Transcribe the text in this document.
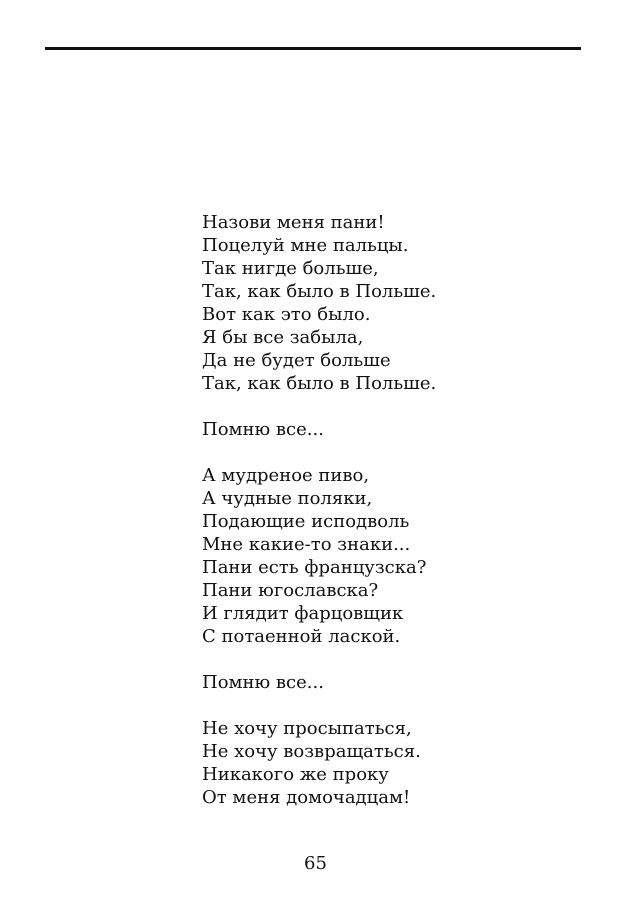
Назови меня пани!
Поцелуй мне пальцы.
Так нигде больше,
Так, как было в Польше.
Вот как это было.
Я бы все забыла,
Да не будет больше
Так, как было в Польше.
Помню все...
А мудреное пиво,
А чудные поляки,
Подающие исподволь
Мне какие-то знаки...
Пани есть французска?
Пани югославска?
И глядит фарцовщик
С потаенной лаской.
Помню все...
Не хочу просыпаться,
Не хочу возвращаться.
Никакого же проку
От меня домочадцам!
65
